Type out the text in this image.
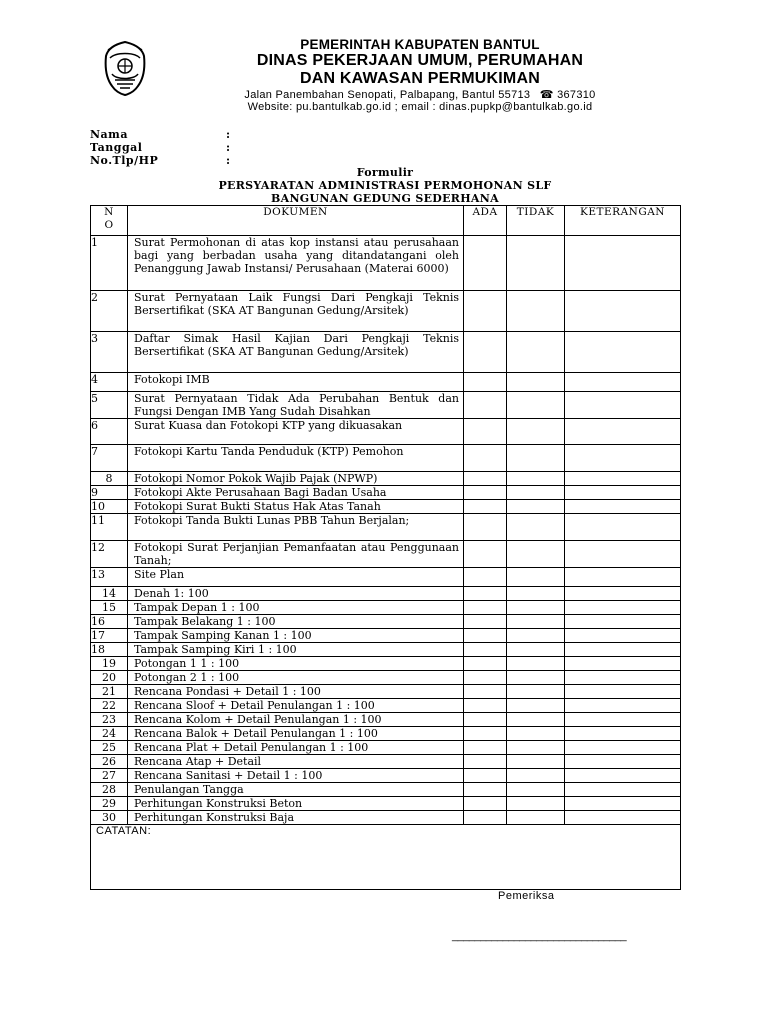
PEMERINTAH KABUPATEN BANTUL
DINAS PEKERJAAN UMUM, PERUMAHAN
DAN KAWASAN PERMUKIMAN
Jalan Panembahan Senopati, Palbapang, Bantul 55713 ☎ 367310
Website: pu.bantulkab.go.id ; email : dinas.pupkp@bantulkab.go.id
Nama	:
Tanggal	:
No.Tlp/HP	:
Formulir
PERSYARATAN ADMINISTRASI PERMOHONAN SLF
BANGUNAN GEDUNG SEDERHANA
N
O	DOKUMEN	ADA	TIDAK	KETERANGAN
1	Surat Permohonan di atas kop instansi atau perusahaan bagi yang berbadan usaha yang ditandatangani oleh Penanggung Jawab Instansi/ Perusahaan (Materai 6000)			
2	Surat Pernyataan Laik Fungsi Dari Pengkaji Teknis Bersertifikat (SKA AT Bangunan Gedung/Arsitek)			
3	Daftar Simak Hasil Kajian Dari Pengkaji Teknis Bersertifikat (SKA AT Bangunan Gedung/Arsitek)			
4	Fotokopi IMB			
5	Surat Pernyataan Tidak Ada Perubahan Bentuk dan Fungsi Dengan IMB Yang Sudah Disahkan			
6	Surat Kuasa dan Fotokopi KTP yang dikuasakan			
7	Fotokopi Kartu Tanda Penduduk (KTP) Pemohon			
8	Fotokopi Nomor Pokok Wajib Pajak (NPWP)			
9	Fotokopi Akte Perusahaan Bagi Badan Usaha			
10	Fotokopi Surat Bukti Status Hak Atas Tanah			
11	Fotokopi Tanda Bukti Lunas PBB Tahun Berjalan;			
12	Fotokopi Surat Perjanjian Pemanfaatan atau Penggunaan Tanah;			
13	Site Plan			
14	Denah 1: 100			
15	Tampak Depan 1 : 100			
16	Tampak Belakang 1 : 100			
17	Tampak Samping Kanan 1 : 100			
18	Tampak Samping Kiri 1 : 100			
19	Potongan 1 1 : 100			
20	Potongan 2 1 : 100			
21	Rencana Pondasi + Detail 1 : 100			
22	Rencana Sloof + Detail Penulangan 1 : 100			
23	Rencana Kolom + Detail Penulangan 1 : 100			
24	Rencana Balok + Detail Penulangan 1 : 100			
25	Rencana Plat + Detail Penulangan 1 : 100			
26	Rencana Atap + Detail			
27	Rencana Sanitasi + Detail 1 : 100			
28	Penulangan Tangga			
29	Perhitungan Konstruksi Beton			
30	Perhitungan Konstruksi Baja			
CATATAN:				
Pemeriksa
_______________________________
